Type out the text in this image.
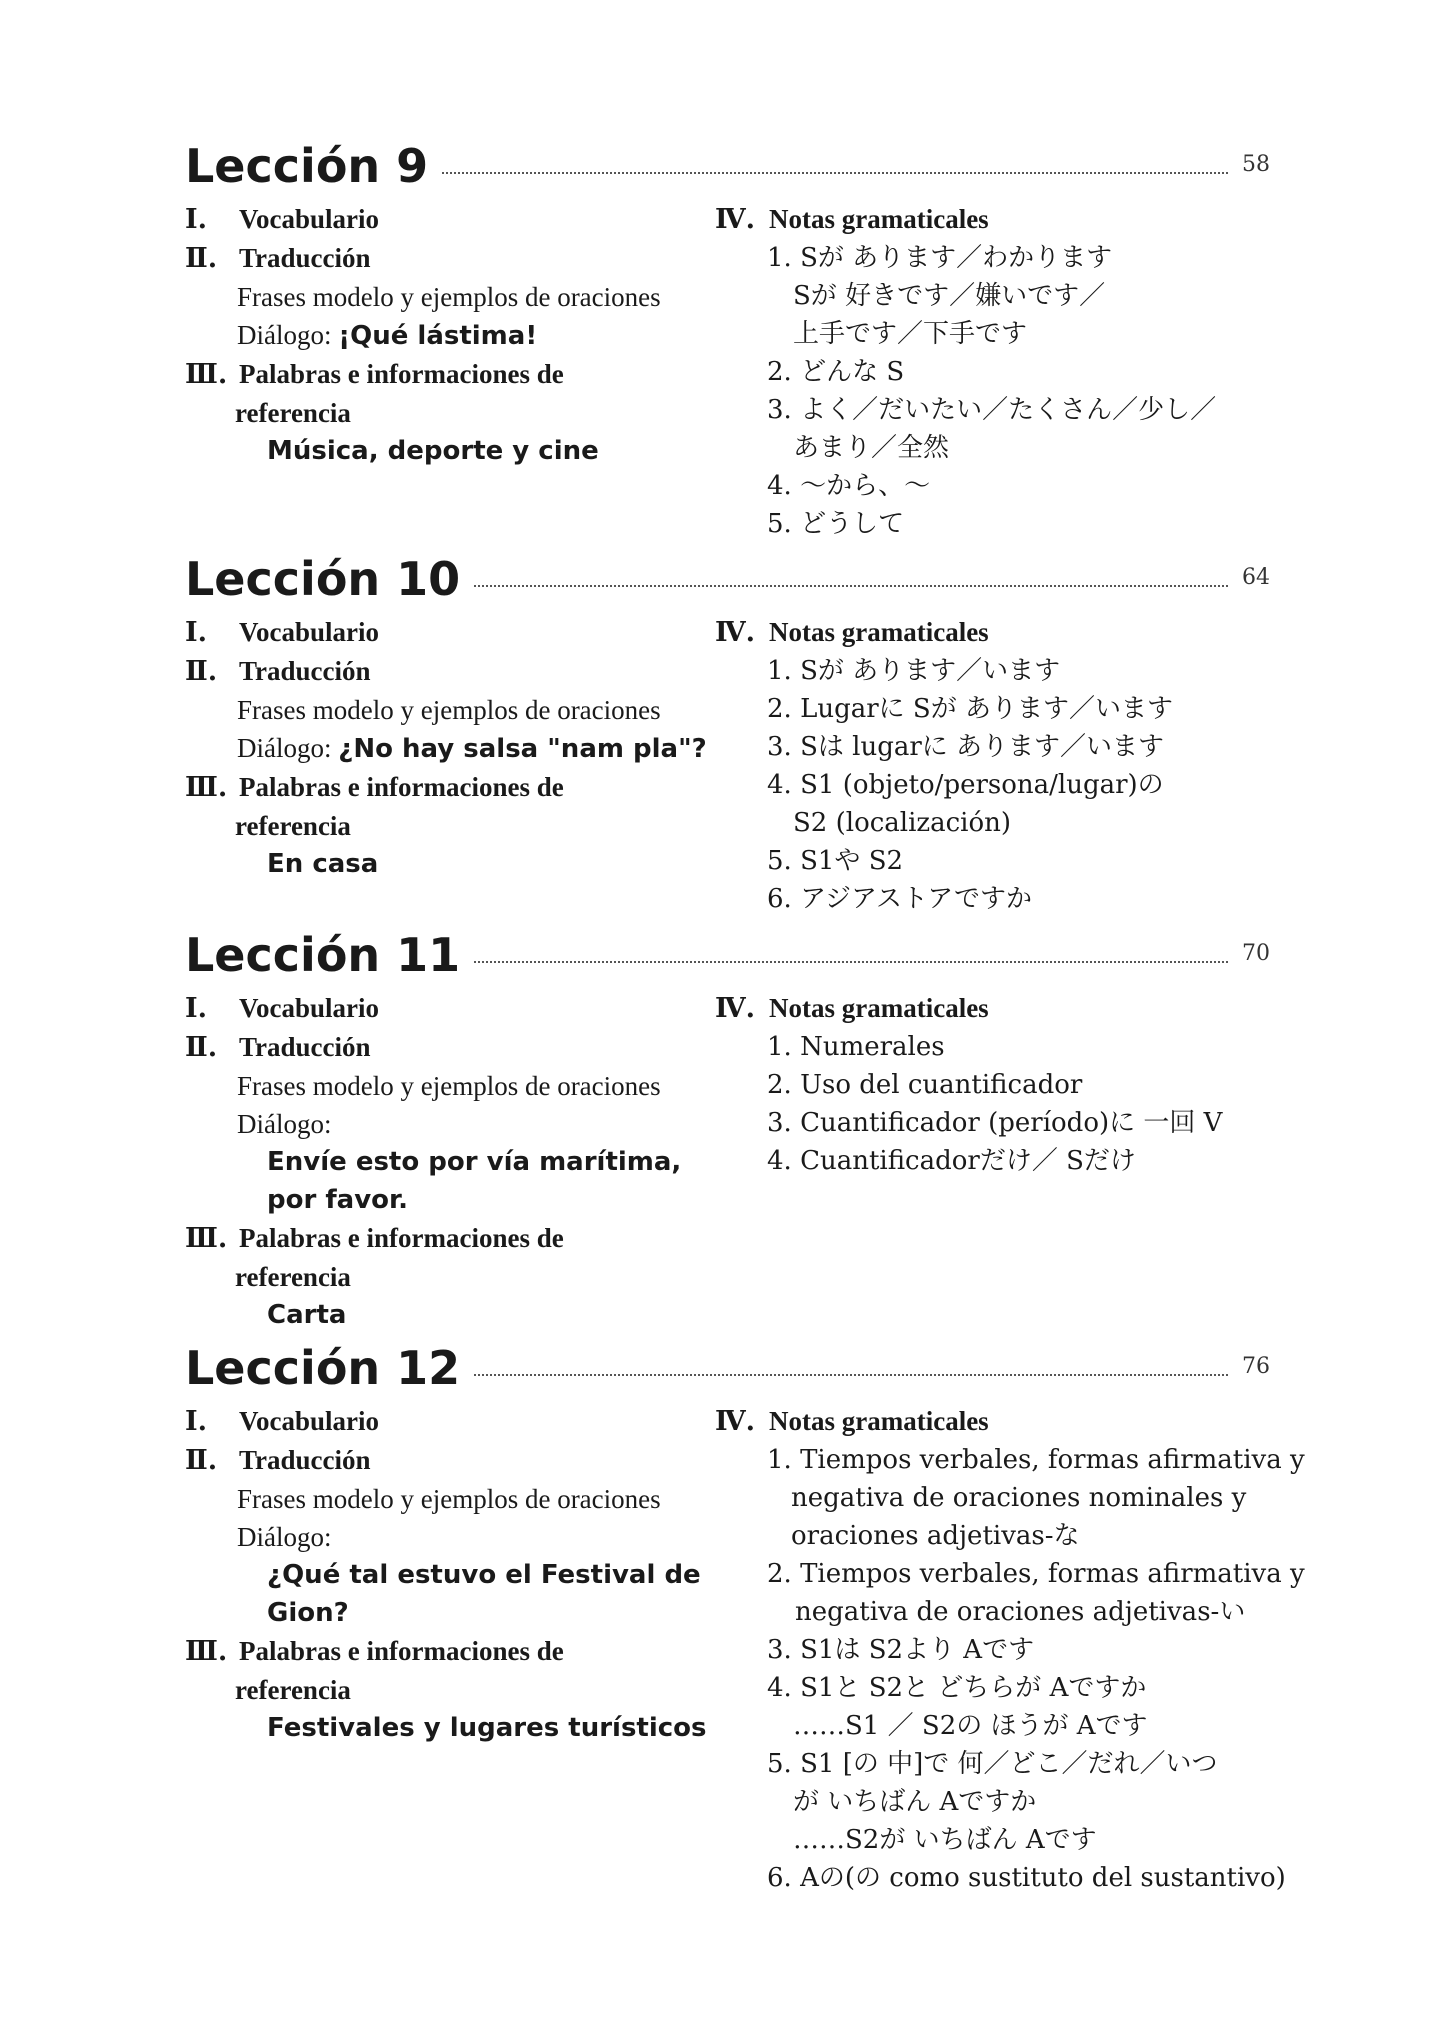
Lección 9	58
Ⅰ. Vocabulario
Ⅱ. Traducción
Frases modelo y ejemplos de oraciones
Diálogo: ¡Qué lástima!
Ⅲ. Palabras e informaciones de
referencia
Música, deporte y cine
Ⅳ. Notas gramaticales
1. Sが あります／わかります
Sが 好きです／嫌いです／
上手です／下手です
2. どんな S
3. よく／だいたい／たくさん／少し／
あまり／全然
4. ～から、～
5. どうして
Lección 10	64
Ⅰ. Vocabulario
Ⅱ. Traducción
Frases modelo y ejemplos de oraciones
Diálogo: ¿No hay salsa "nam pla"?
Ⅲ. Palabras e informaciones de
referencia
En casa
Ⅳ. Notas gramaticales
1. Sが あります／います
2. Lugarに Sが あります／います
3. Sは lugarに あります／います
4. S1 (objeto/persona/lugar)の
S2 (localización)
5. S1や S2
6. アジアストアですか
Lección 11	70
Ⅰ. Vocabulario
Ⅱ. Traducción
Frases modelo y ejemplos de oraciones
Diálogo:
Envíe esto por vía marítima,
por favor.
Ⅲ. Palabras e informaciones de
referencia
Carta
Ⅳ. Notas gramaticales
1. Numerales
2. Uso del cuantificador
3. Cuantificador (período)に 一回 V
4. Cuantificadorだけ／ Sだけ
Lección 12	76
Ⅰ. Vocabulario
Ⅱ. Traducción
Frases modelo y ejemplos de oraciones
Diálogo:
¿Qué tal estuvo el Festival de
Gion?
Ⅲ. Palabras e informaciones de
referencia
Festivales y lugares turísticos
Ⅳ. Notas gramaticales
1. Tiempos verbales, formas afirmativa y
negativa de oraciones nominales y
oraciones adjetivas-な
2. Tiempos verbales, formas afirmativa y
negativa de oraciones adjetivas-い
3. S1は S2より Aです
4. S1と S2と どちらが Aですか
……S1 ／ S2の ほうが Aです
5. S1 [の 中]で 何／どこ／だれ／いつ
が いちばん Aですか
……S2が いちばん Aです
6. Aの(の como sustituto del sustantivo)
